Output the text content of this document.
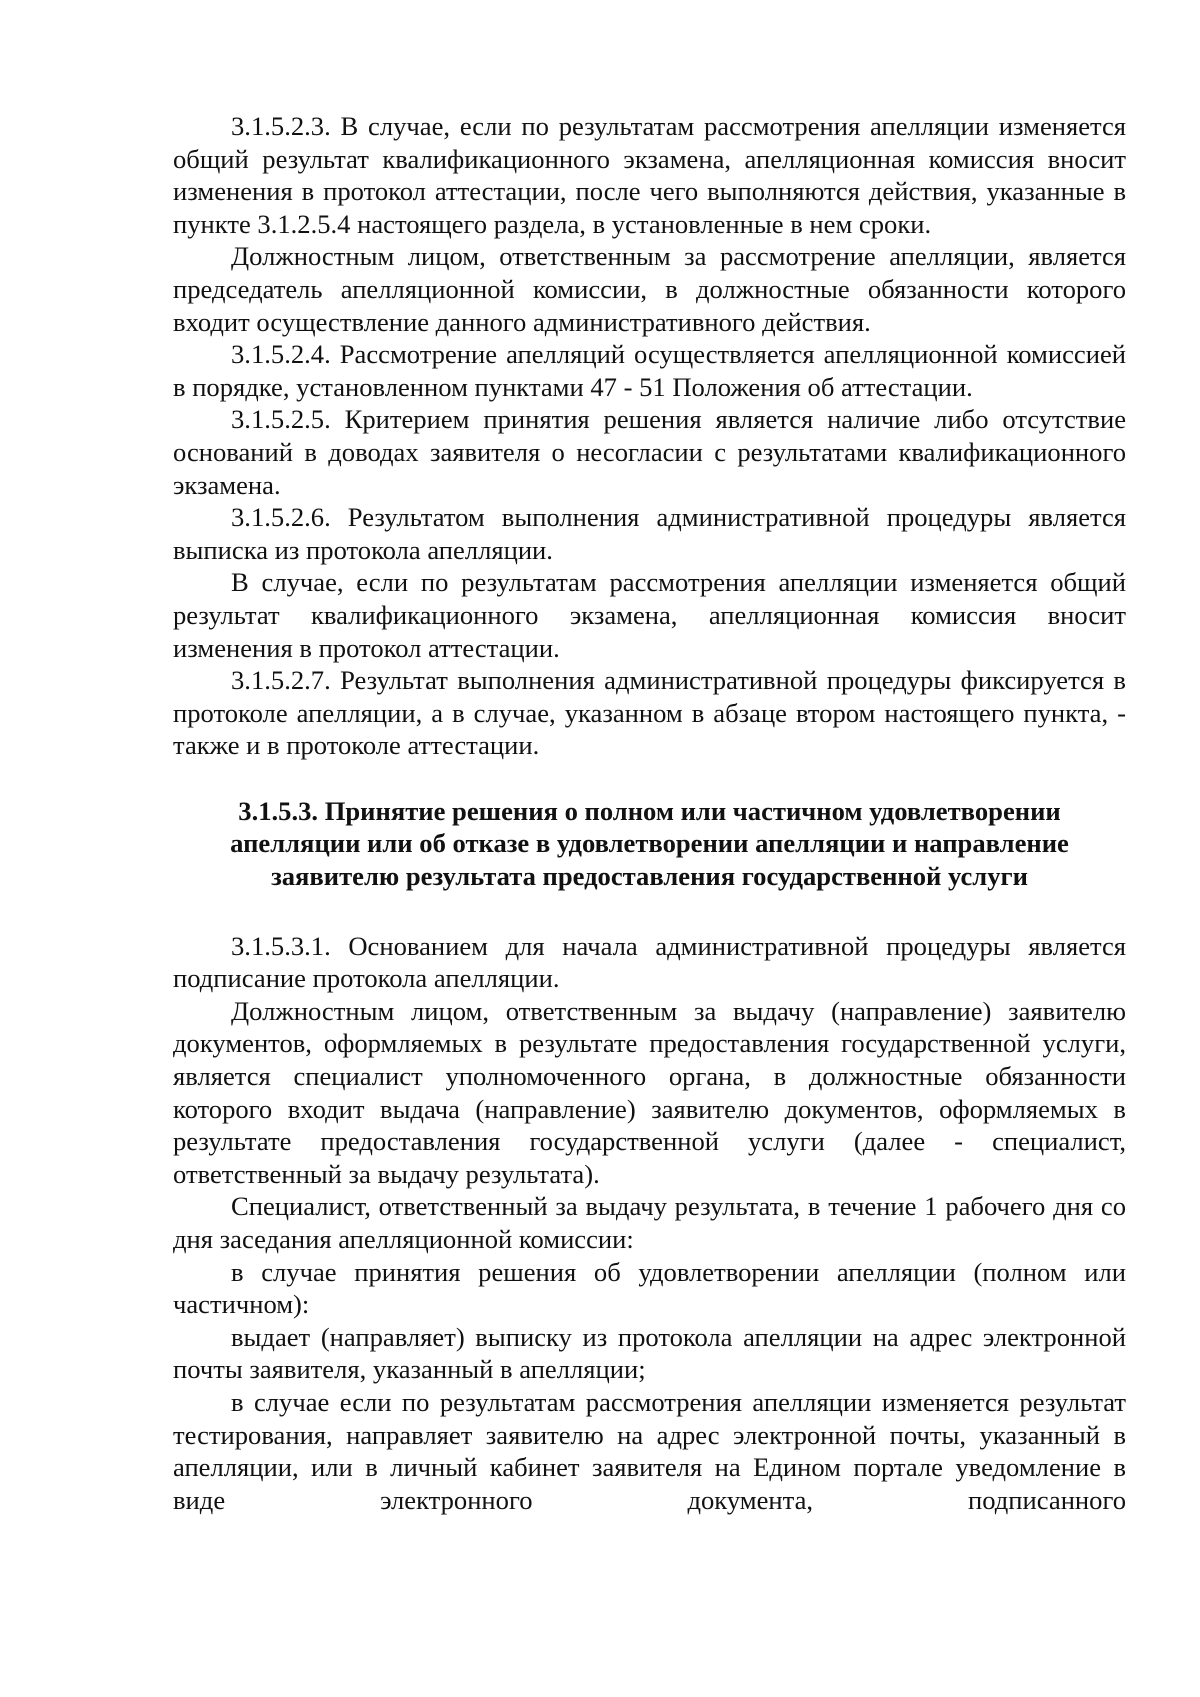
3.1.5.2.3. В случае, если по результатам рассмотрения апелляции изменяется общий результат квалификационного экзамена, апелляционная комиссия вносит изменения в протокол аттестации, после чего выполняются действия, указанные в пункте 3.1.2.5.4 настоящего раздела, в установленные в нем сроки.

Должностным лицом, ответственным за рассмотрение апелляции, является председатель апелляционной комиссии, в должностные обязанности которого входит осуществление данного административного действия.

3.1.5.2.4. Рассмотрение апелляций осуществляется апелляционной комиссией в порядке, установленном пунктами 47 - 51 Положения об аттестации.

3.1.5.2.5. Критерием принятия решения является наличие либо отсутствие оснований в доводах заявителя о несогласии с результатами квалификационного экзамена.

3.1.5.2.6. Результатом выполнения административной процедуры является выписка из протокола апелляции.

В случае, если по результатам рассмотрения апелляции изменяется общий результат квалификационного экзамена, апелляционная комиссия вносит изменения в протокол аттестации.

3.1.5.2.7. Результат выполнения административной процедуры фиксируется в протоколе апелляции, а в случае, указанном в абзаце втором настоящего пункта, - также и в протоколе аттестации.

3.1.5.3. Принятие решения о полном или частичном удовлетворении апелляции или об отказе в удовлетворении апелляции и направление заявителю результата предоставления государственной услуги

3.1.5.3.1. Основанием для начала административной процедуры является подписание протокола апелляции.

Должностным лицом, ответственным за выдачу (направление) заявителю документов, оформляемых в результате предоставления государственной услуги, является специалист уполномоченного органа, в должностные обязанности которого входит выдача (направление) заявителю документов, оформляемых в результате предоставления государственной услуги (далее - специалист, ответственный за выдачу результата).

Специалист, ответственный за выдачу результата, в течение 1 рабочего дня со дня заседания апелляционной комиссии:

в случае принятия решения об удовлетворении апелляции (полном или частичном):

выдает (направляет) выписку из протокола апелляции на адрес электронной почты заявителя, указанный в апелляции;

в случае если по результатам рассмотрения апелляции изменяется результат тестирования, направляет заявителю на адрес электронной почты, указанный в апелляции, или в личный кабинет заявителя на Едином портале уведомление в виде электронного документа, подписанного
